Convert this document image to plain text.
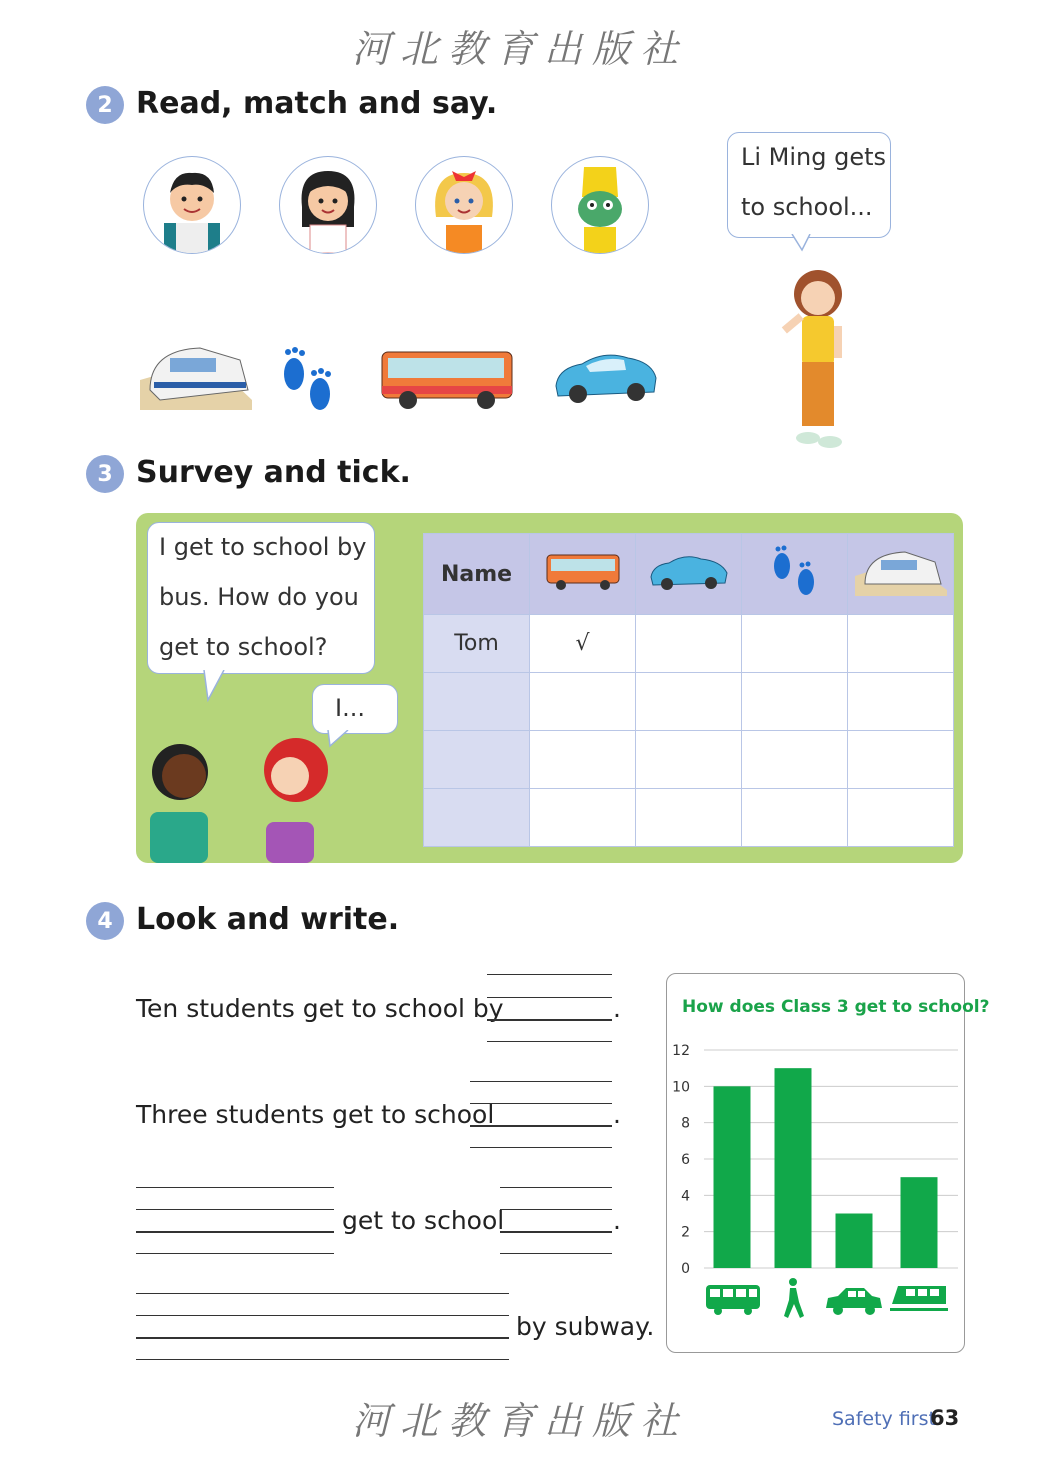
河北教育出版社
2 Read, match and say.
Li Ming gets
to school...
3 Survey and tick.
I get to school by
bus. How do you
get to school?
I...
Name				
Tom	√			

4 Look and write.
Ten students get to school by	.
Three students get to school	.
get to school	.
by subway.
How does Class 3 get to school?
0
2
4
6
8
10
12
河北教育出版社	Safety first
63
